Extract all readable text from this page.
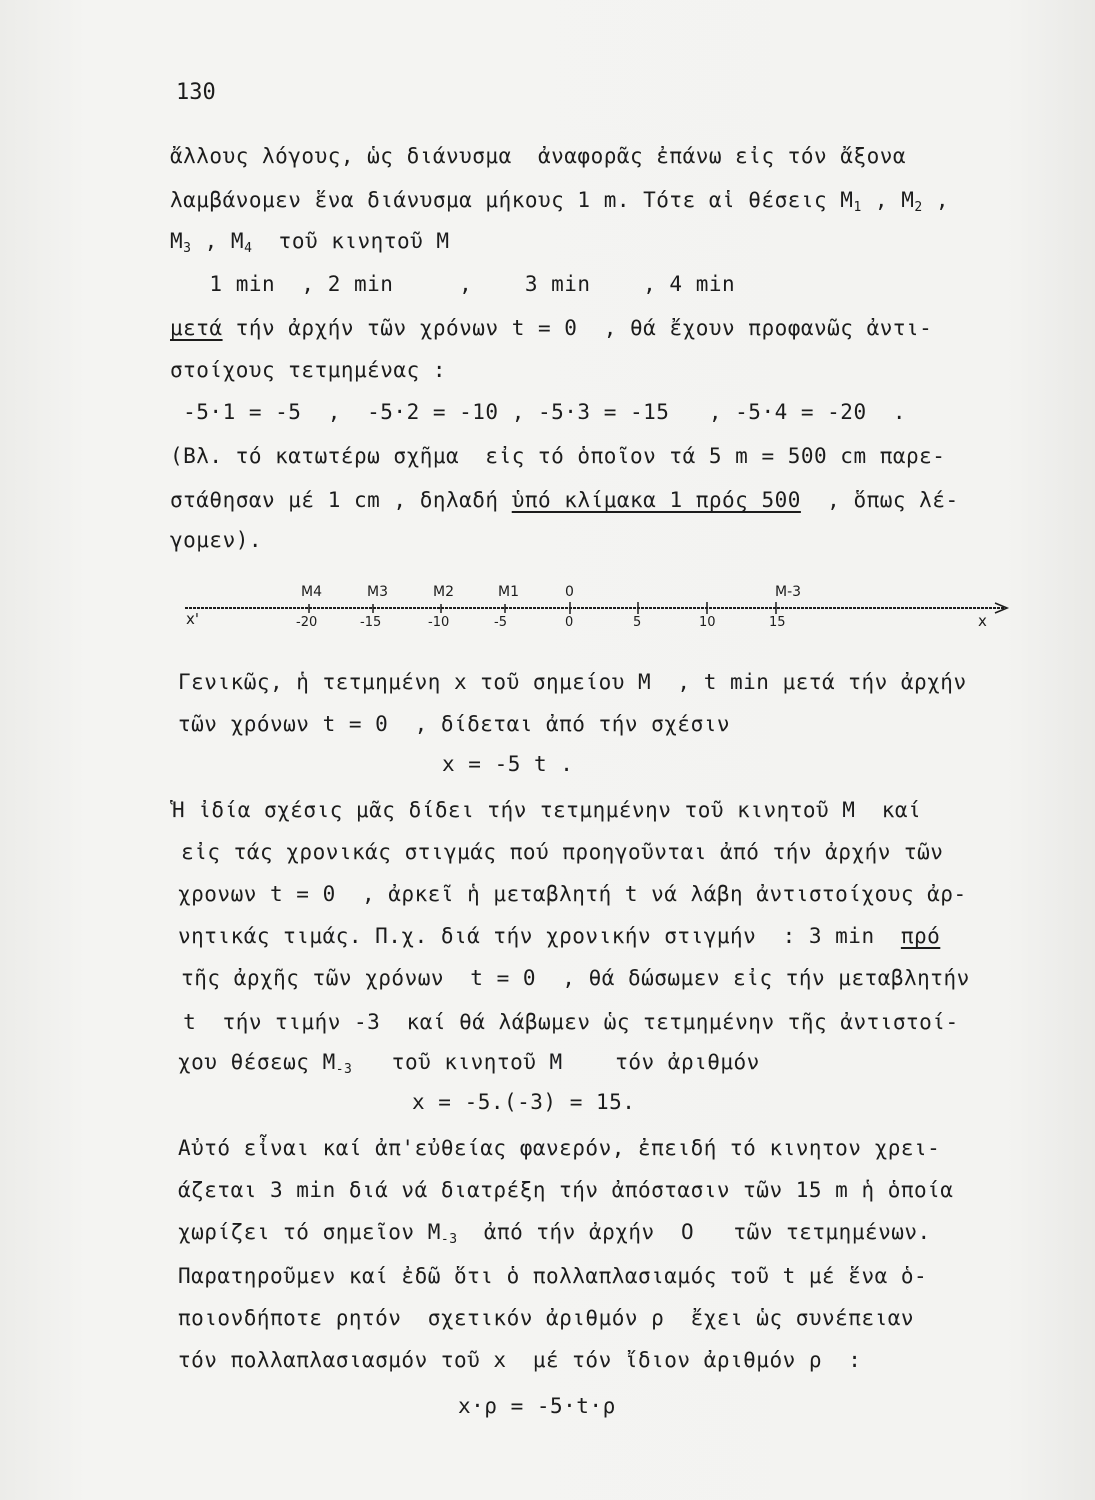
130
ἄλλους λόγους, ὡς διάνυσμα  ἀναφορᾶς ἐπάνω εἰς τόν ἄξονα
λαμβάνομεν ἕνα διάνυσμα μήκους 1 m. Τότε αἱ θέσεις $M_1$ , $M_2$ ,
$M_3$ , $M_4$  τοῦ κινητοῦ M
1 min  , 2 min     ,    3 min    , 4 min
μετά τήν ἀρχήν τῶν χρόνων t = 0  , θά ἔχουν προφανῶς ἀντι-
στοίχους τετμημένας :
-5·1 = -5  ,  -5·2 = -10 , -5·3 = -15   , -5·4 = -20  .
(Βλ. τό κατωτέρω σχῆμα  εἰς τό ὁποῖον τά 5 m = 500 cm παρε-
στάθησαν μέ 1 cm , δηλαδή ὑπό κλίμακα 1 πρός 500  , ὅπως λέ-
γομεν).
x'	x
-20	-15	-10	-5	0	5	10	15
M4	M3	M2	M1	0	M-3
Γενικῶς, ἡ τετμημένη x τοῦ σημείου M  , t min μετά τήν ἀρχήν
τῶν χρόνων t = 0  , δίδεται ἀπό τήν σχέσιν
x = -5 t .
Ἡ ἰδία σχέσις μᾶς δίδει τήν τετμημένην τοῦ κινητοῦ M  καί
εἰς τάς χρονικάς στιγμάς πού προηγοῦνται ἀπό τήν ἀρχήν τῶν
χρονων t = 0  , ἀρκεῖ ἡ μεταβλητή t νά λάβη ἀντιστοίχους ἀρ-
νητικάς τιμάς. Π.χ. διά τήν χρονικήν στιγμήν  : 3 min  πρό
τῆς ἀρχῆς τῶν χρόνων  t = 0  , θά δώσωμεν εἰς τήν μεταβλητήν
t  τήν τιμήν -3  καί θά λάβωμεν ὡς τετμημένην τῆς ἀντιστοί-
χου θέσεως $M_{-3}$   τοῦ κινητοῦ M    τόν ἀριθμόν
x = -5.(-3) = 15.
Αὐτό εἶναι καί ἀπ'εὐθείας φανερόν, ἐπειδή τό κινητον χρει-
άζεται 3 min διά νά διατρέξη τήν ἀπόστασιν τῶν 15 m ἡ ὁποία
χωρίζει τό σημεῖον $M_{-3}$  ἀπό τήν ἀρχήν  O   τῶν τετμημένων.
Παρατηροῦμεν καί ἐδῶ ὅτι ὁ πολλαπλασιαμός τοῦ t μέ ἕνα ὁ-
ποιονδήποτε ρητόν  σχετικόν ἀριθμόν ρ  ἔχει ὡς συνέπειαν
τόν πολλαπλασιασμόν τοῦ x  μέ τόν ἴδιον ἀριθμόν ρ  :
x·ρ = -5·t·ρ
